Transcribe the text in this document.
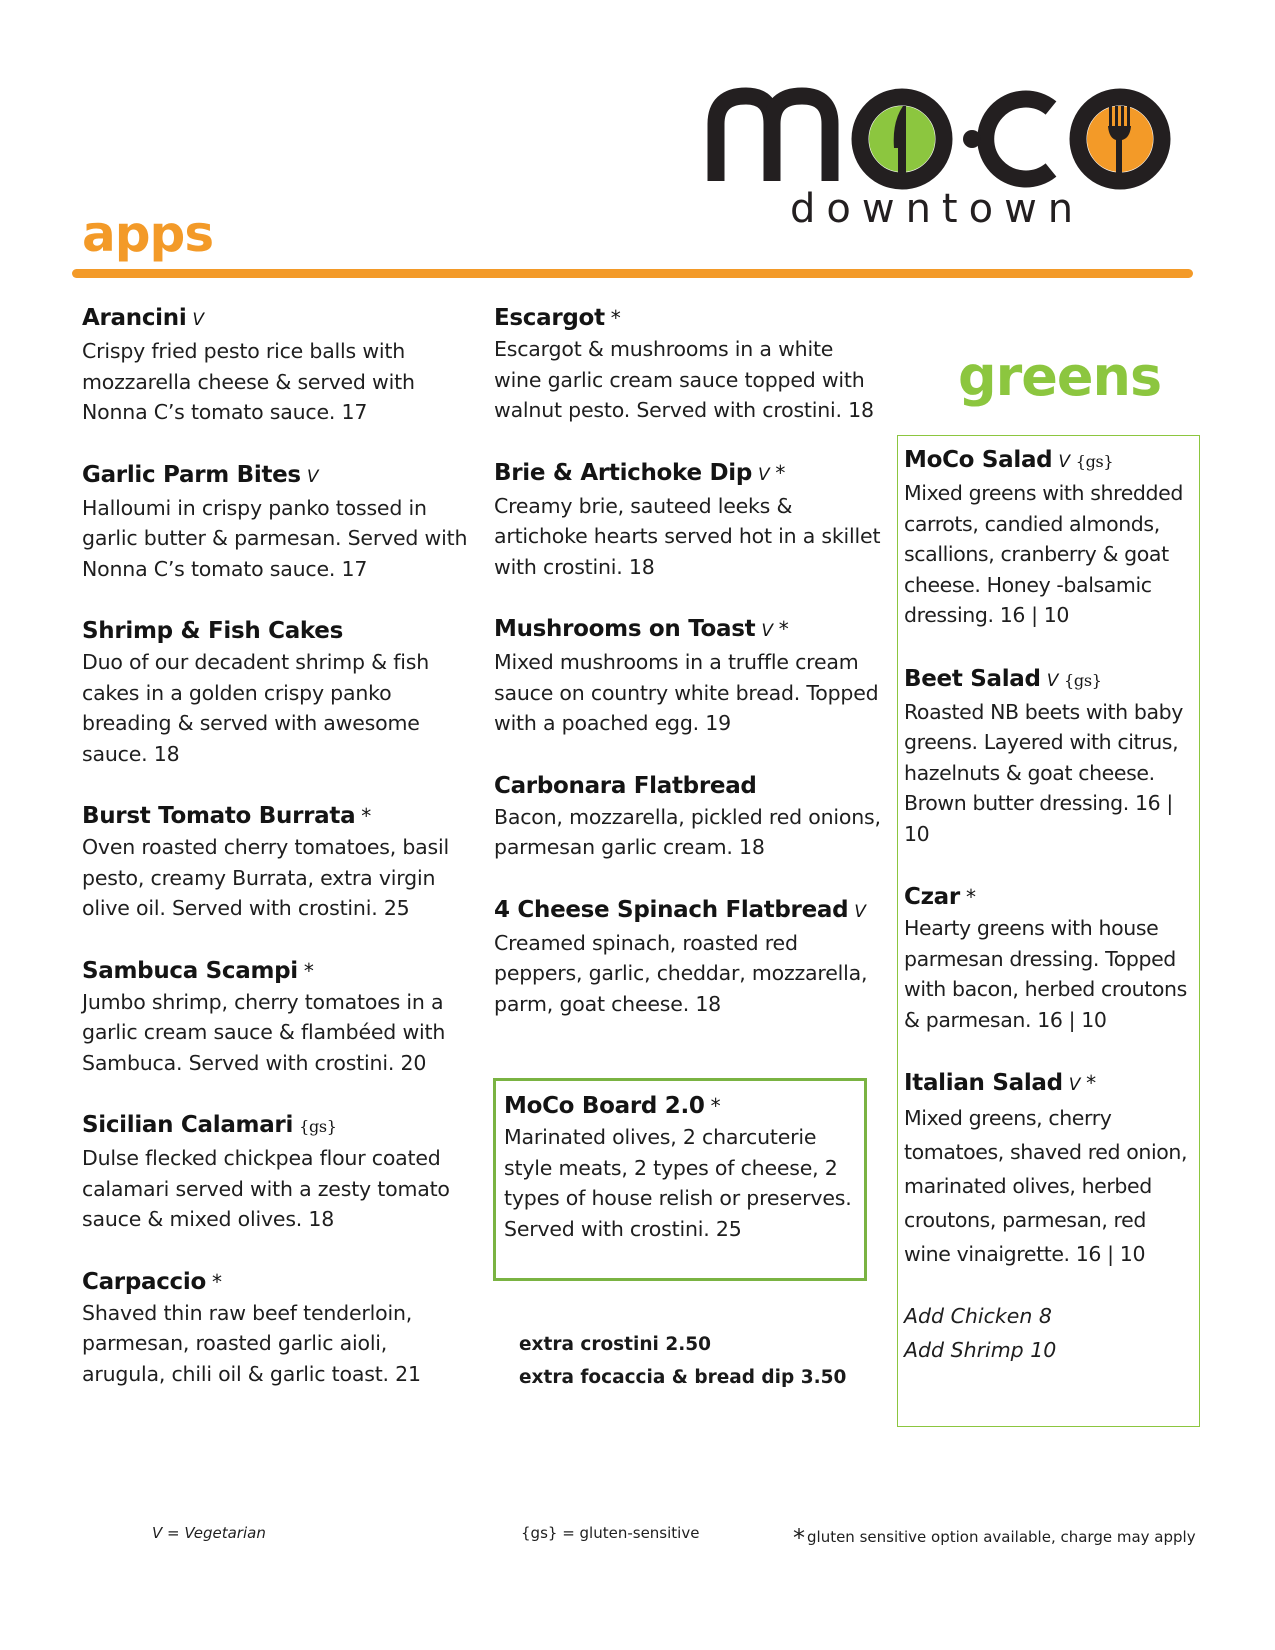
downtown
apps
greens
Arancini V
Crispy fried pesto rice balls with mozzarella cheese & served with Nonna C’s tomato sauce. 17
Garlic Parm Bites V
Halloumi in crispy panko tossed in garlic butter & parmesan. Served with Nonna C’s tomato sauce. 17
Shrimp & Fish Cakes
Duo of our decadent shrimp & fish cakes in a golden crispy panko breading & served with awesome sauce. 18
Burst Tomato Burrata *
Oven roasted cherry tomatoes, basil pesto, creamy Burrata, extra virgin olive oil. Served with crostini. 25
Sambuca Scampi *
Jumbo shrimp, cherry tomatoes in a garlic cream sauce & flambéed with Sambuca. Served with crostini. 20
Sicilian Calamari {gs}
Dulse flecked chickpea flour coated calamari served with a zesty tomato sauce & mixed olives. 18
Carpaccio *
Shaved thin raw beef tenderloin, parmesan, roasted garlic aioli, arugula, chili oil & garlic toast. 21
Escargot *
Escargot & mushrooms in a white wine garlic cream sauce topped with walnut pesto. Served with crostini. 18
Brie & Artichoke Dip V *
Creamy brie, sauteed leeks & artichoke hearts served hot in a skillet with crostini. 18
Mushrooms on Toast V *
Mixed mushrooms in a truffle cream sauce on country white bread. Topped with a poached egg. 19
Carbonara Flatbread
Bacon, mozzarella, pickled red onions, parmesan garlic cream. 18
4 Cheese Spinach Flatbread V
Creamed spinach, roasted red peppers, garlic, cheddar, mozzarella, parm, goat cheese. 18
MoCo Board 2.0 *
Marinated olives, 2 charcuterie style meats, 2 types of cheese, 2 types of house relish or preserves.
Served with crostini. 25
extra crostini 2.50
extra focaccia & bread dip 3.50
MoCo Salad V {gs}
Mixed greens with shredded carrots, candied almonds, scallions, cranberry & goat cheese. Honey -balsamic dressing. 16 | 10
Beet Salad V {gs}
Roasted NB beets with baby greens. Layered with citrus, hazelnuts & goat cheese. Brown butter dressing. 16 | 10
Czar *
Hearty greens with house parmesan dressing. Topped with bacon, herbed croutons & parmesan. 16 | 10
Italian Salad V *
Mixed greens, cherry tomatoes, shaved red onion, marinated olives, herbed croutons, parmesan, red wine vinaigrette. 16 | 10
Add Chicken 8
Add Shrimp 10
V = Vegetarian	{gs} = gluten-sensitive	* gluten sensitive option available, charge may apply
